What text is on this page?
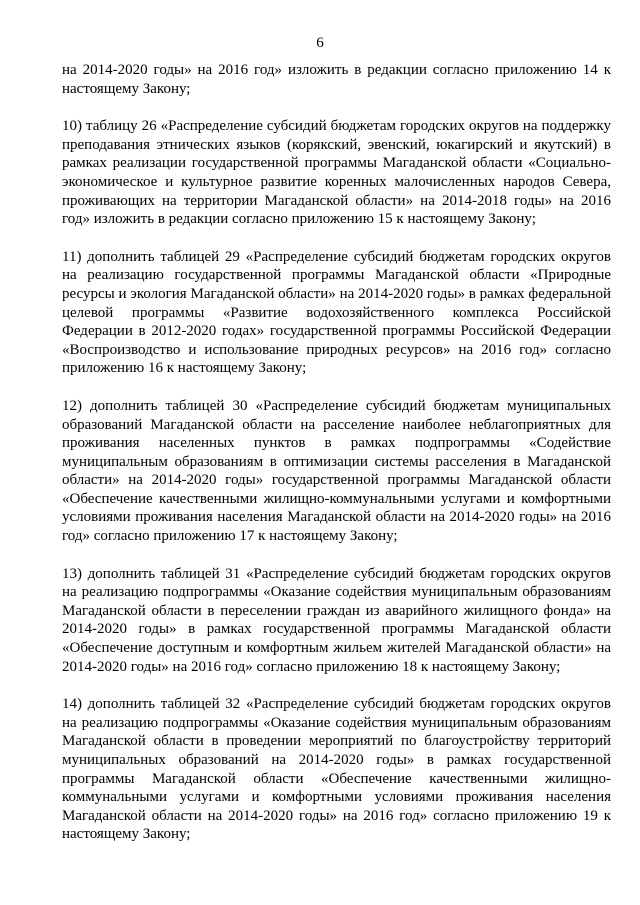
6

на 2014-2020 годы» на 2016 год» изложить в редакции согласно приложению 14 к настоящему Закону;

10) таблицу 26 «Распределение субсидий бюджетам городских округов на поддержку преподавания этнических языков (корякский, эвенский, юкагирский и якутский) в рамках реализации государственной программы Магаданской области «Социально-экономическое и культурное развитие коренных малочисленных народов Севера, проживающих на территории Магаданской области» на 2014-2018 годы» на 2016 год» изложить в редакции согласно приложению 15 к настоящему Закону;

11) дополнить таблицей 29 «Распределение субсидий бюджетам городских округов на реализацию государственной программы Магаданской области «Природные ресурсы и экология Магаданской области» на 2014-2020 годы» в рамках федеральной целевой программы «Развитие водохозяйственного комплекса Российской Федерации в 2012-2020 годах» государственной программы Российской Федерации «Воспроизводство и использование природных ресурсов» на 2016 год» согласно приложению 16 к настоящему Закону;

12) дополнить таблицей 30 «Распределение субсидий бюджетам муниципальных образований Магаданской области на расселение наиболее неблагоприятных для проживания населенных пунктов в рамках подпрограммы «Содействие муниципальным образованиям в оптимизации системы расселения в Магаданской области» на 2014-2020 годы» государственной программы Магаданской области «Обеспечение качественными жилищно-коммунальными услугами и комфортными условиями проживания населения Магаданской области на 2014-2020 годы» на 2016 год» согласно приложению 17 к настоящему Закону;

13) дополнить таблицей 31 «Распределение субсидий бюджетам городских округов на реализацию подпрограммы «Оказание содействия муниципальным образованиям Магаданской области в переселении граждан из аварийного жилищного фонда» на 2014-2020 годы» в рамках государственной программы Магаданской области «Обеспечение доступным и комфортным жильем жителей Магаданской области» на 2014-2020 годы» на 2016 год» согласно приложению 18 к настоящему Закону;

14) дополнить таблицей 32 «Распределение субсидий бюджетам городских округов на реализацию подпрограммы «Оказание содействия муниципальным образованиям Магаданской области в проведении мероприятий по благоустройству территорий муниципальных образований на 2014-2020 годы» в рамках государственной программы Магаданской области «Обеспечение качественными жилищно-коммунальными услугами и комфортными условиями проживания населения Магаданской области на 2014-2020 годы» на 2016 год» согласно приложению 19 к настоящему Закону;
